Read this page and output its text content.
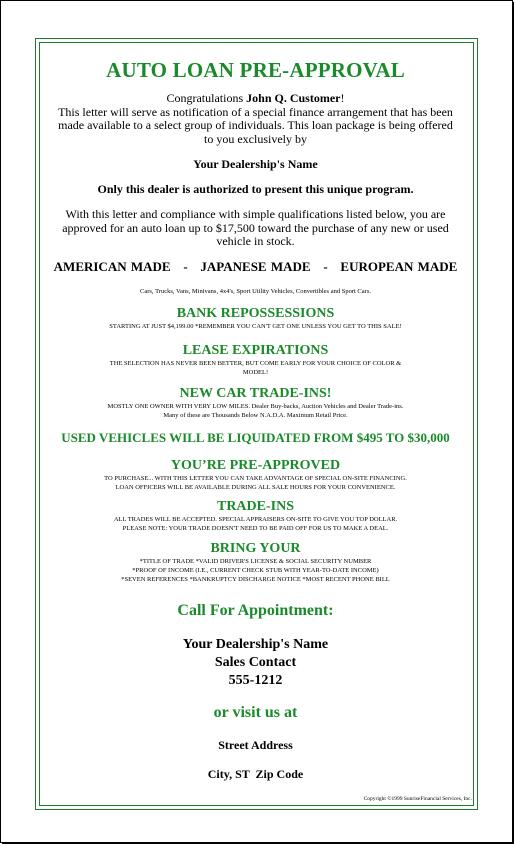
AUTO LOAN PRE-APPROVAL

Congratulations John Q. Customer!

This letter will serve as notification of a special finance arrangement that has been

made available to a select group of individuals. This loan package is being offered

to you exclusively by

Your Dealership's Name

Only this dealer is authorized to present this unique program.

With this letter and compliance with simple qualifications listed below, you are

approved for an auto loan up to $17,500 toward the purchase of any new or used

vehicle in stock.

AMERICAN MADE   -   JAPANESE MADE   -   EUROPEAN MADE

Cars, Trucks, Vans, Minivans, 4x4's, Sport Utility Vehicles, Convertibles and Sport Cars.

BANK REPOSSESSIONS

STARTING AT JUST $4,199.00 *REMEMBER YOU CAN'T GET ONE UNLESS YOU GET TO THIS SALE!

LEASE EXPIRATIONS

THE SELECTION HAS NEVER BEEN BETTER, BUT COME EARLY FOR YOUR CHOICE OF COLOR &

MODEL!

NEW CAR TRADE-INS!

MOSTLY ONE OWNER WITH VERY LOW MILES. Dealer Buy-backs, Auction Vehicles and Dealer Trade-ins.

Many of these are Thousands Below N.A.D.A. Maximum Retail Price.

USED VEHICLES WILL BE LIQUIDATED FROM $495 TO $30,000

YOU’RE PRE-APPROVED

TO PURCHASE... WITH THIS LETTER YOU CAN TAKE ADVANTAGE OF SPECIAL ON-SITE FINANCING.

LOAN OFFICERS WILL BE AVAILABLE DURING ALL SALE HOURS FOR YOUR CONVENIENCE.

TRADE-INS

ALL TRADES WILL BE ACCEPTED. SPECIAL APPRAISERS ON-SITE TO GIVE YOU TOP DOLLAR.

PLEASE NOTE: YOUR TRADE DOESN'T NEED TO BE PAID OFF FOR US TO MAKE A DEAL.

BRING YOUR

*TITLE OF TRADE *VALID DRIVER'S LICENSE & SOCIAL SECURITY NUMBER

*PROOF OF INCOME (I.E., CURRENT CHECK STUB WITH YEAR-TO-DATE INCOME)

*SEVEN REFERENCES *BANKRUPTCY DISCHARGE NOTICE *MOST RECENT PHONE BILL

Call For Appointment:

Your Dealership's Name

Sales Contact

555-1212

or visit us at

Street Address

City, ST  Zip Code

Copyright ©1999 SunriseFinancial Services, Inc.
